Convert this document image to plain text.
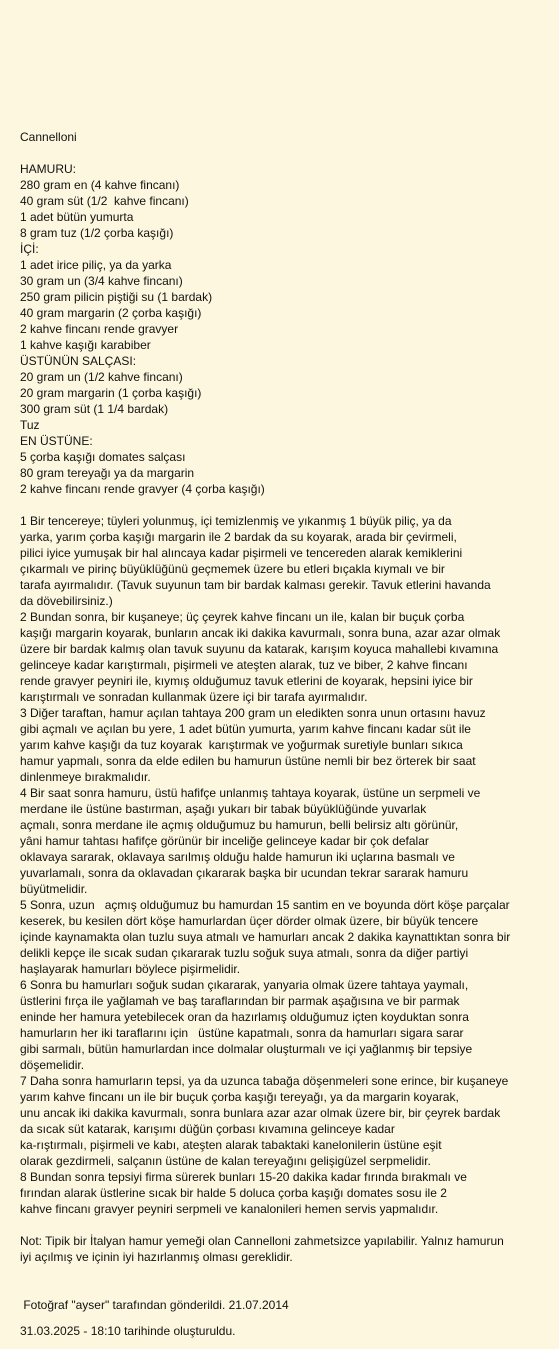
Cannelloni
HAMURU:
280 gram en (4 kahve fincanı)
40 gram süt (1/2  kahve fincanı)
1 adet bütün yumurta
8 gram tuz (1/2 çorba kaşığı)
İÇİ:
1 adet irice piliç, ya da yarka
30 gram un (3/4 kahve fincanı)
250 gram pilicin piştiği su (1 bardak)
40 gram margarin (2 çorba kaşığı)
2 kahve fincanı rende gravyer
1 kahve kaşığı karabiber
ÜSTÜNÜN SALÇASI:
20 gram un (1/2 kahve fincanı)
20 gram margarin (1 çorba kaşığı)
300 gram süt (1 1/4 bardak)
Tuz
EN ÜSTÜNE:
5 çorba kaşığı domates salçası
80 gram tereyağı ya da margarin
2 kahve fincanı rende gravyer (4 çorba kaşığı)
1 Bir tencereye; tüyleri yolunmuş, içi temizlenmiş ve yıkanmış 1 büyük piliç, ya da
yarka, yarım çorba kaşığı margarin ile 2 bardak da su koyarak, arada bir çevirmeli,
pilici iyice yumuşak bir hal alıncaya kadar pişirmeli ve tencereden alarak kemiklerini
çıkarmalı ve pirinç büyüklüğünü geçmemek üzere bu etleri bıçakla kıymalı ve bir
tarafa ayırmalıdır. (Tavuk suyunun tam bir bardak kalması gerekir. Tavuk etlerini havanda
da dövebilirsiniz.)
2 Bundan sonra, bir kuşaneye; üç çeyrek kahve fincanı un ile, kalan bir buçuk çorba
kaşığı margarin koyarak, bunların ancak iki dakika kavurmalı, sonra buna, azar azar olmak
üzere bir bardak kalmış olan tavuk suyunu da katarak, karışım koyuca mahallebi kıvamına
gelinceye kadar karıştırmalı, pişirmeli ve ateşten alarak, tuz ve biber, 2 kahve fincanı
rende gravyer peyniri ile, kıymış olduğumuz tavuk etlerini de koyarak, hepsini iyice bir
karıştırmalı ve sonradan kullanmak üzere içi bir tarafa ayırmalıdır.
3 Diğer taraftan, hamur açılan tahtaya 200 gram un eledikten sonra unun ortasını havuz
gibi açmalı ve açılan bu yere, 1 adet bütün yumurta, yarım kahve fincanı kadar süt ile
yarım kahve kaşığı da tuz koyarak  karıştırmak ve yoğurmak suretiyle bunları sıkıca
hamur yapmalı, sonra da elde edilen bu hamurun üstüne nemli bir bez örterek bir saat
dinlenmeye bırakmalıdır.
4 Bir saat sonra hamuru, üstü hafifçe unlanmış tahtaya koyarak, üstüne un serpmeli ve
merdane ile üstüne bastırman, aşağı yukarı bir tabak büyüklüğünde yuvarlak
açmalı, sonra merdane ile açmış olduğumuz bu hamurun, belli belirsiz altı görünür,
yâni hamur tahtası hafifçe görünür bir inceliğe gelinceye kadar bir çok defalar
oklavaya sararak, oklavaya sarılmış olduğu halde hamurun iki uçlarına basmalı ve
yuvarlamalı, sonra da oklavadan çıkararak başka bir ucundan tekrar sararak hamuru
büyütmelidir.
5 Sonra, uzun   açmış olduğumuz bu hamurdan 15 santim en ve boyunda dört köşe parçalar
keserek, bu kesilen dört köşe hamurlardan üçer dörder olmak üzere, bir büyük tencere
içinde kaynamakta olan tuzlu suya atmalı ve hamurları ancak 2 dakika kaynattıktan sonra bir
delikli kepçe ile sıcak sudan çıkararak tuzlu soğuk suya atmalı, sonra da diğer partiyi
haşlayarak hamurları böylece pişirmelidir.
6 Sonra bu hamurları soğuk sudan çıkararak, yanyaria olmak üzere tahtaya yaymalı,
üstlerini fırça ile yağlamah ve baş taraflarından bir parmak aşağısına ve bir parmak
eninde her hamura yetebilecek oran da hazırlamış olduğumuz içten koyduktan sonra
hamurların her iki taraflarını için   üstüne kapatmalı, sonra da hamurları sigara sarar
gibi sarmalı, bütün hamurlardan ince dolmalar oluşturmalı ve içi yağlanmış bir tepsiye
döşemelidir.
7 Daha sonra hamurların tepsi, ya da uzunca tabağa döşenmeleri sone erince, bir kuşaneye
yarım kahve fincanı un ile bir buçuk çorba kaşığı tereyağı, ya da margarin koyarak,
unu ancak iki dakika kavurmalı, sonra bunlara azar azar olmak üzere bir, bir çeyrek bardak
da sıcak süt katarak, karışımı düğün çorbası kıvamına gelinceye kadar
ka-rıştırmalı, pişirmeli ve kabı, ateşten alarak tabaktaki kanelonilerin üstüne eşit
olarak gezdirmeli, salçanın üstüne de kalan tereyağını gelişigüzel serpmelidir.
8 Bundan sonra tepsiyi firma sürerek bunları 15-20 dakika kadar fırında bırakmalı ve
fırından alarak üstlerine sıcak bir halde 5 doluca çorba kaşığı domates sosu ile 2
kahve fincanı gravyer peyniri serpmeli ve kanalonileri hemen servis yapmalıdır.
Not: Tipik bir İtalyan hamur yemeği olan Cannelloni zahmetsizce yapılabilir. Yalnız hamurun
iyi açılmış ve içinin iyi hazırlanmış olması gereklidir.
Fotoğraf "ayser" tarafından gönderildi. 21.07.2014
31.03.2025 - 18:10 tarihinde oluşturuldu.
